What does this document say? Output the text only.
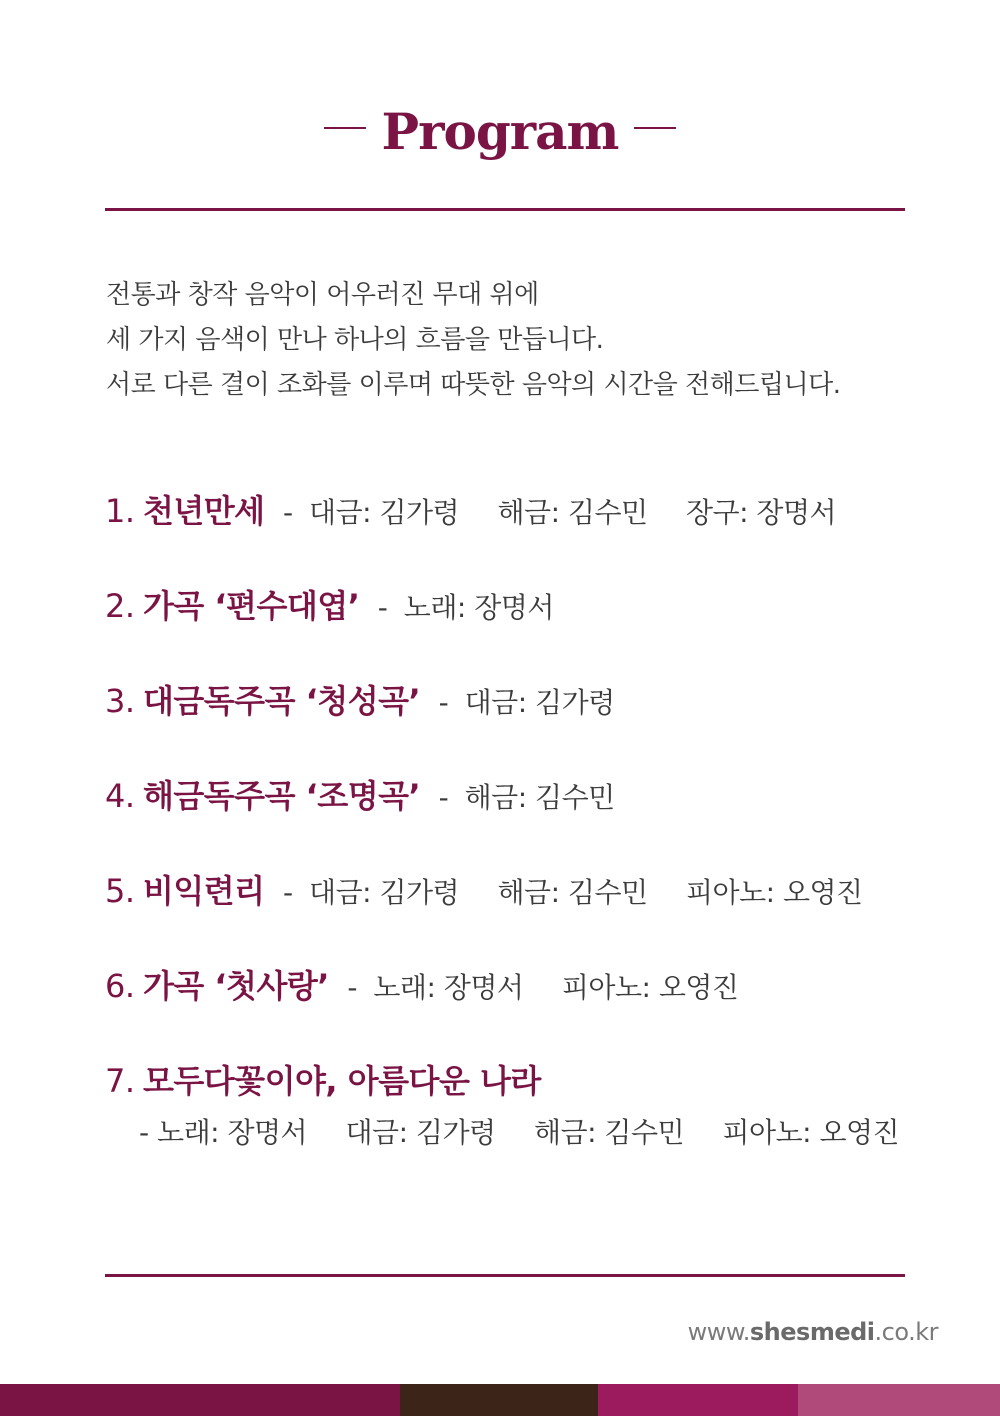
Program
전통과 창작 음악이 어우러진 무대 위에
세 가지 음색이 만나 하나의 흐름을 만듭니다.
서로 다른 결이 조화를 이루며 따뜻한 음악의 시간을 전해드립니다.
1. 천년만세 - 대금: 김가령 해금: 김수민 장구: 장명서
2. 가곡 ‘편수대엽’ - 노래: 장명서
3. 대금독주곡 ‘청성곡’ - 대금: 김가령
4. 해금독주곡 ‘조명곡’ - 해금: 김수민
5. 비익련리 - 대금: 김가령 해금: 김수민 피아노: 오영진
6. 가곡 ‘첫사랑’ - 노래: 장명서 피아노: 오영진
7. 모두다꽃이야, 아름다운 나라
- 노래: 장명서 대금: 김가령 해금: 김수민 피아노: 오영진
www.shesmedi.co.kr
